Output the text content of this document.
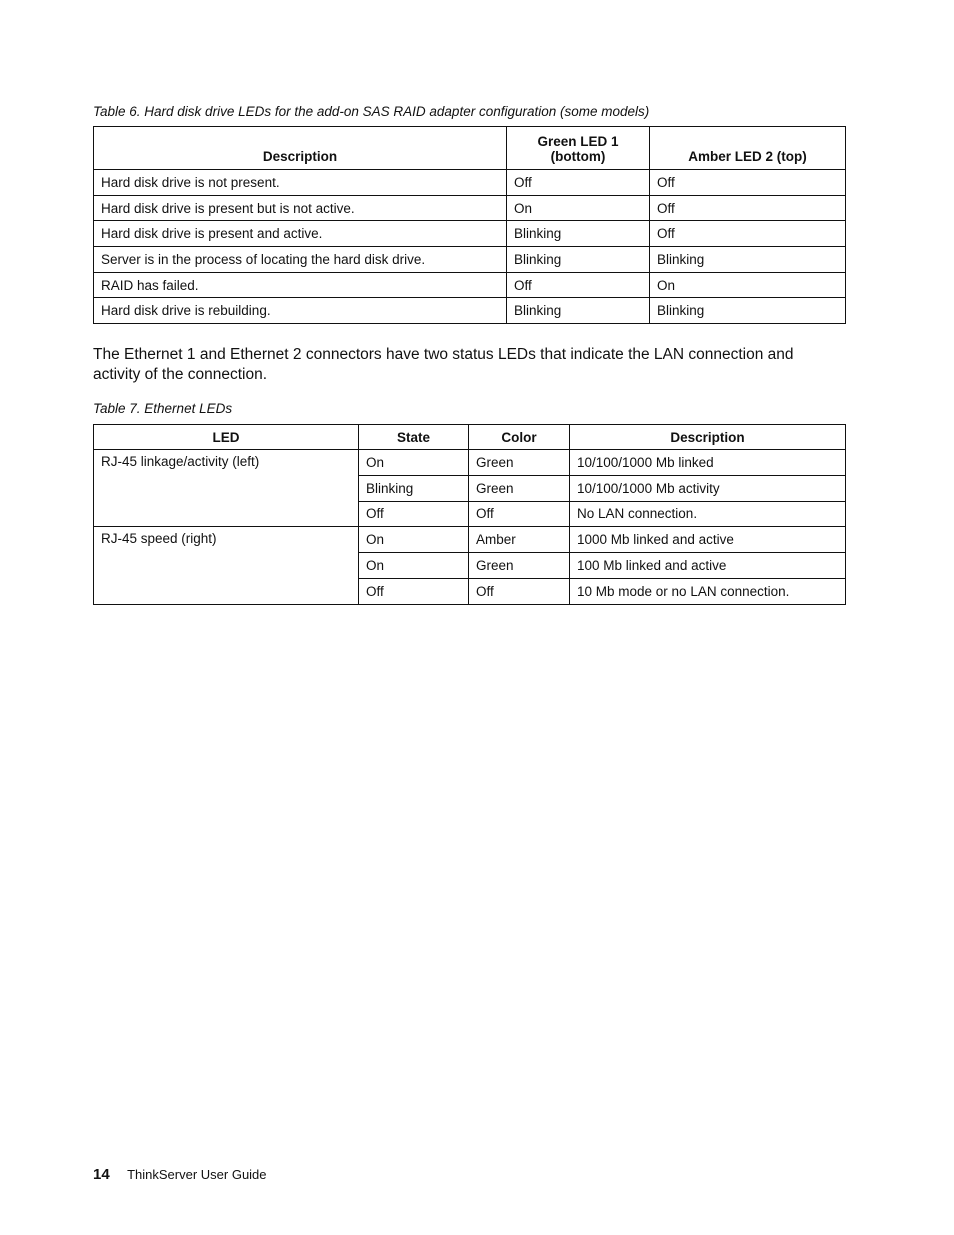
Table 6. Hard disk drive LEDs for the add-on SAS RAID adapter configuration (some models)
Description	Green LED 1 (bottom)	Amber LED 2 (top)
Hard disk drive is not present.	Off	Off
Hard disk drive is present but is not active.	On	Off
Hard disk drive is present and active.	Blinking	Off
Server is in the process of locating the hard disk drive.	Blinking	Blinking
RAID has failed.	Off	On
Hard disk drive is rebuilding.	Blinking	Blinking

The Ethernet 1 and Ethernet 2 connectors have two status LEDs that indicate the LAN connection and activity of the connection.

Table 7. Ethernet LEDs
LED	State	Color	Description
RJ-45 linkage/activity (left)	On	Green	10/100/1000 Mb linked
	Blinking	Green	10/100/1000 Mb activity
	Off	Off	No LAN connection.
RJ-45 speed (right)	On	Amber	1000 Mb linked and active
	On	Green	100 Mb linked and active
	Off	Off	10 Mb mode or no LAN connection.
14 ThinkServer User Guide
